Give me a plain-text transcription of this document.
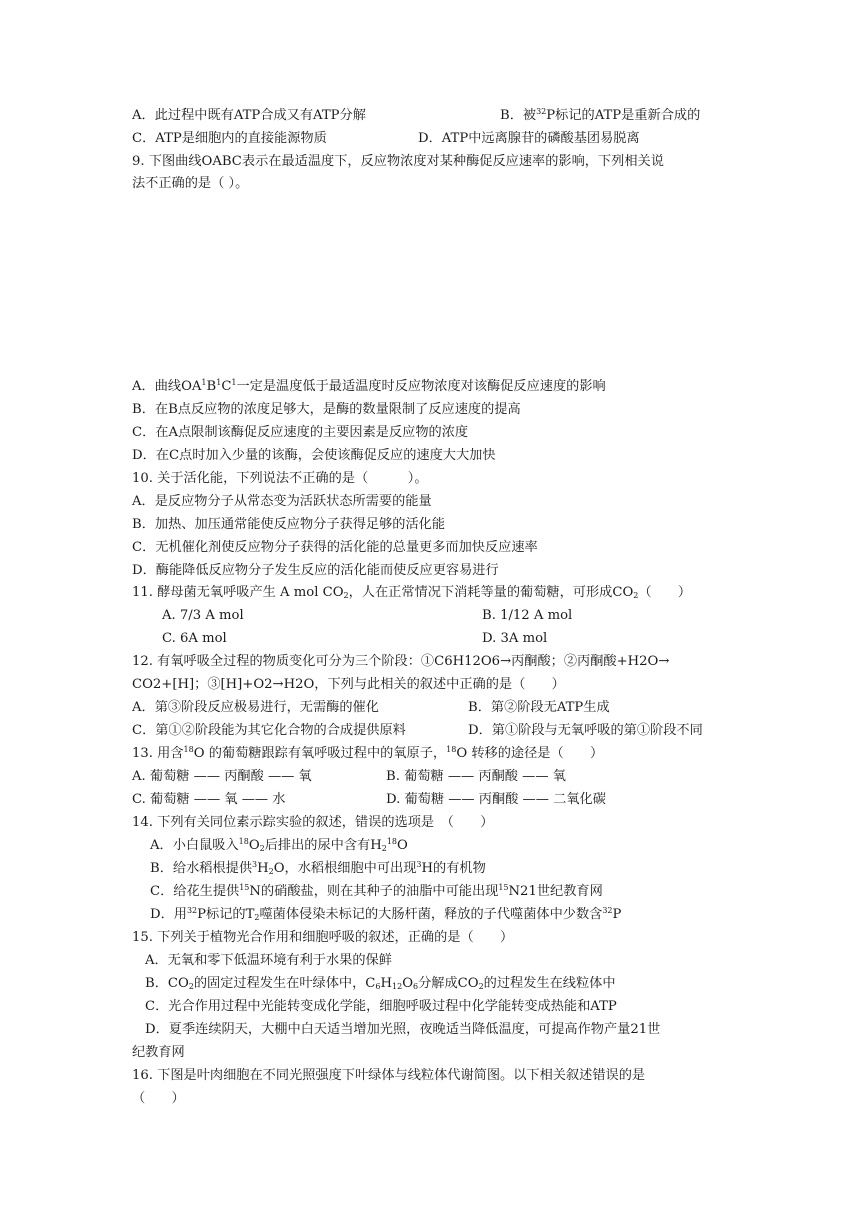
A．此过程中既有ATP合成又有ATP分解	B．被$^{32}$P标记的ATP是重新合成的
C．ATP是细胞内的直接能源物质	D．ATP中远离腺苷的磷酸基团易脱离
9. 下图曲线OABC表示在最适温度下，反应物浓度对某种酶促反应速率的影响，下列相关说
法不正确的是（ ）。
A．曲线$OA^1B^1C^1$一定是温度低于最适温度时反应物浓度对该酶促反应速度的影响
B．在B点反应物的浓度足够大，是酶的数量限制了反应速度的提高
C．在A点限制该酶促反应速度的主要因素是反应物的浓度
D．在C点时加入少量的该酶，会使该酶促反应的速度大大加快
10. 关于活化能，下列说法不正确的是（　　　）。
A．是反应物分子从常态变为活跃状态所需要的能量
B．加热、加压通常能使反应物分子获得足够的活化能
C．无机催化剂使反应物分子获得的活化能的总量更多而加快反应速率
D．酶能降低反应物分子发生反应的活化能而使反应更容易进行
11. 酵母菌无氧呼吸产生 A mol $CO_2$，人在正常情况下消耗等量的葡萄糖，可形成$CO_2$（　　）
A. 7/3 A mol	B. 1/12 A mol
C. 6A mol	D. 3A mol
12. 有氧呼吸全过程的物质变化可分为三个阶段：①C6H12O6→丙酮酸；②丙酮酸+H2O→
CO2+[H]；③[H]+O2→H2O，下列与此相关的叙述中正确的是（　　）
A．第③阶段反应极易进行，无需酶的催化	B．第②阶段无ATP生成
C．第①②阶段能为其它化合物的合成提供原料	D．第①阶段与无氧呼吸的第①阶段不同
13. 用含$^{18}$O 的葡萄糖跟踪有氧呼吸过程中的氧原子，$^{18}$O 转移的途径是（　　）
A. 葡萄糖 —— 丙酮酸 —— 氧	B. 葡萄糖 —— 丙酮酸 —— 氧
C. 葡萄糖 —— 氧 —— 水	D. 葡萄糖 —— 丙酮酸 —— 二氧化碳
14. 下列有关同位素示踪实验的叙述，错误的选项是　（　　）
A．小白鼠吸入$^{18}O_2$后排出的尿中含有$H_2^{18}O$
B．给水稻根提供$^3H_2O$，水稻根细胞中可出现$^3$H的有机物
C．给花生提供$^{15}$N的硝酸盐，则在其种子的油脂中可能出现$^{15}$N21世纪教育网
D．用$^{32}$P标记的$T_2$噬菌体侵染未标记的大肠杆菌，释放的子代噬菌体中少数含$^{32}$P
15. 下列关于植物光合作用和细胞呼吸的叙述，正确的是（　　）
A．无氧和零下低温环境有利于水果的保鲜
B．$CO_2$的固定过程发生在叶绿体中，$C_6H_{12}O_6$分解成$CO_2$的过程发生在线粒体中
C．光合作用过程中光能转变成化学能，细胞呼吸过程中化学能转变成热能和ATP
D．夏季连续阴天，大棚中白天适当增加光照，夜晚适当降低温度，可提高作物产量21世
纪教育网
16. 下图是叶肉细胞在不同光照强度下叶绿体与线粒体代谢简图。以下相关叙述错误的是
（　　）
